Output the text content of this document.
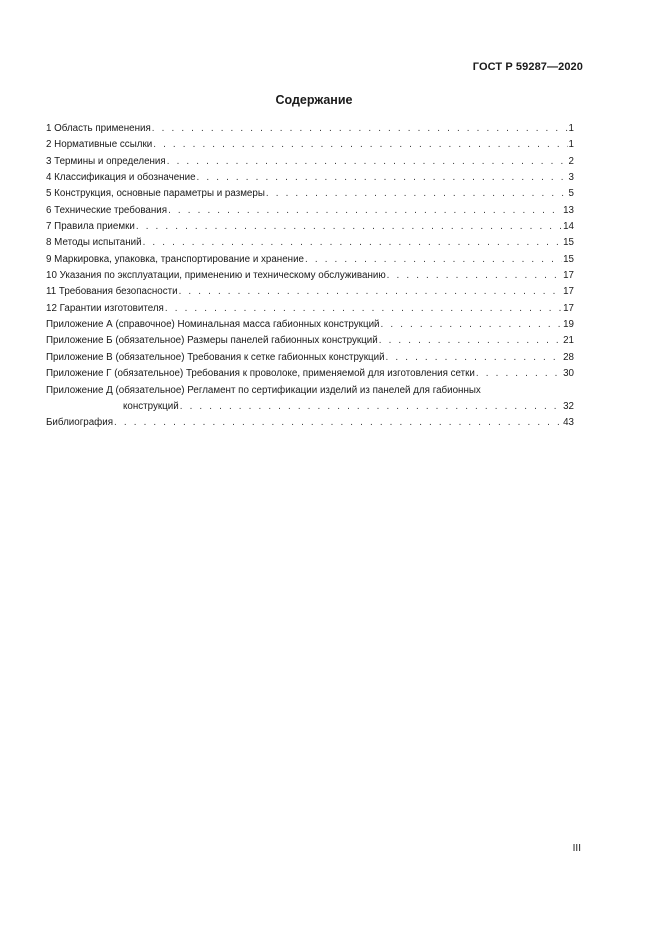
ГОСТ Р 59287—2020
Содержание
1 Область применения . . .	1
2 Нормативные ссылки . . .	1
3 Термины и определения . . .	2
4 Классификация и обозначение . . .	3
5 Конструкция, основные параметры и размеры . . .	5
6 Технические требования . . .	13
7 Правила приемки . . .	14
8 Методы испытаний . . .	15
9 Маркировка, упаковка, транспортирование и хранение . . .	15
10 Указания по эксплуатации, применению и техническому обслуживанию . . .	17
11 Требования безопасности . . .	17
12 Гарантии изготовителя . . .	17
Приложение А (справочное) Номинальная масса габионных конструкций . . .	19
Приложение Б (обязательное) Размеры панелей габионных конструкций . . .	21
Приложение В (обязательное) Требования к сетке габионных конструкций . . .	28
Приложение Г (обязательное) Требования к проволоке, применяемой для изготовления сетки . . .	30
Приложение Д (обязательное) Регламент по сертификации изделий из панелей для габионных
конструкций . . .	32
Библиография . . .	43
III
